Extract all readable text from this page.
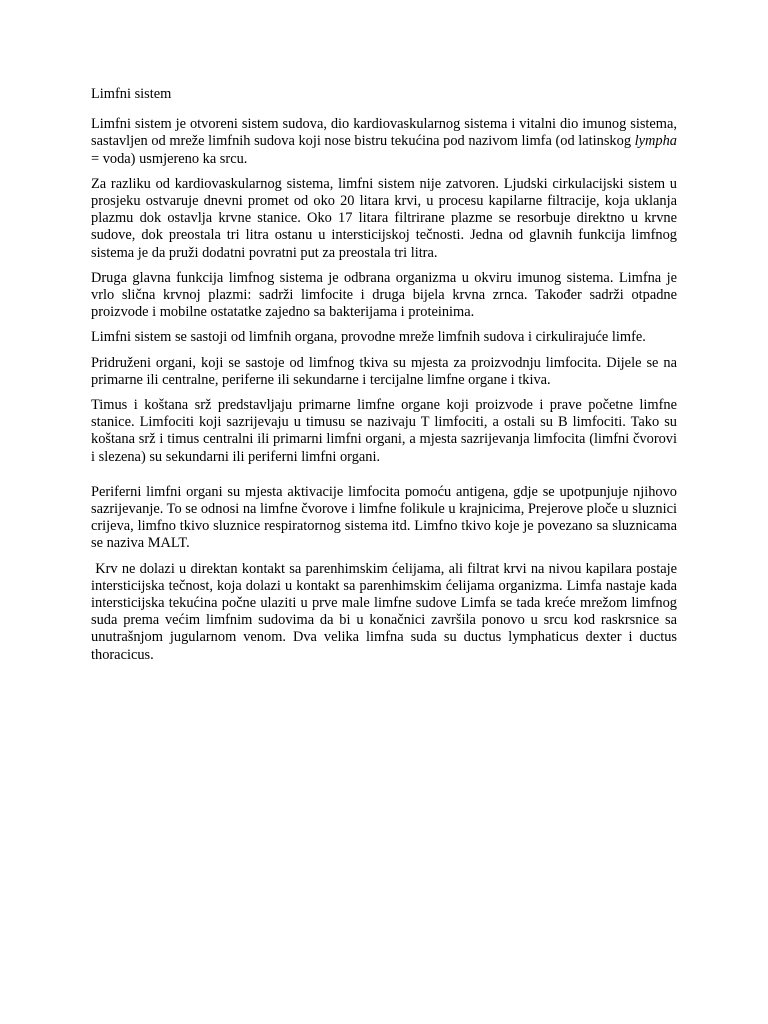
Limfni sistem

Limfni sistem je otvoreni sistem sudova, dio kardiovaskularnog sistema i vitalni dio imunog sistema, sastavljen od mreže limfnih sudova koji nose bistru tekućina pod nazivom limfa (od latinskog lympha = voda) usmjereno ka srcu.

Za razliku od kardiovaskularnog sistema, limfni sistem nije zatvoren. Ljudski cirkulacijski sistem u prosjeku ostvaruje dnevni promet od oko 20 litara krvi, u procesu kapilarne filtracije, koja uklanja plazmu dok ostavlja krvne stanice. Oko 17 litara filtrirane plazme se resorbuje direktno u krvne sudove, dok preostala tri litra ostanu u intersticijskoj tečnosti. Jedna od glavnih funkcija limfnog sistema je da pruži dodatni povratni put za preostala tri litra.

Druga glavna funkcija limfnog sistema je odbrana organizma u okviru imunog sistema. Limfna je vrlo slična krvnoj plazmi: sadrži limfocite i druga bijela krvna zrnca. Također sadrži otpadne proizvode i mobilne ostatatke zajedno sa bakterijama i proteinima.

Limfni sistem se sastoji od limfnih organa, provodne mreže limfnih sudova i cirkulirajuće limfe.

Pridruženi organi, koji se sastoje od limfnog tkiva su mjesta za proizvodnju limfocita. Dijele se na primarne ili centralne, periferne ili sekundarne i tercijalne limfne organe i tkiva.

Timus i koštana srž predstavljaju primarne limfne organe koji proizvode i prave početne limfne stanice. Limfociti koji sazrijevaju u timusu se nazivaju T limfociti, a ostali su B limfociti. Tako su koštana srž i timus centralni ili primarni limfni organi, a mjesta sazrijevanja limfocita (limfni čvorovi i slezena) su sekundarni ili periferni limfni organi.

Periferni limfni organi su mjesta aktivacije limfocita pomoću antigena, gdje se upotpunjuje njihovo sazrijevanje. To se odnosi na limfne čvorove i limfne folikule u krajnicima, Prejerove ploče u sluznici crijeva, limfno tkivo sluznice respiratornog sistema itd. Limfno tkivo koje je povezano sa sluznicama se naziva MALT.

Krv ne dolazi u direktan kontakt sa parenhimskim ćelijama, ali filtrat krvi na nivou kapilara postaje intersticijska tečnost, koja dolazi u kontakt sa parenhimskim ćelijama organizma. Limfa nastaje kada intersticijska tekućina počne ulaziti u prve male limfne sudove Limfa se tada kreće mrežom limfnog suda prema većim limfnim sudovima da bi u konačnici završila ponovo u srcu kod raskrsnice sa unutrašnjom jugularnom venom. Dva velika limfna suda su ductus lymphaticus dexter i ductus thoracicus.
